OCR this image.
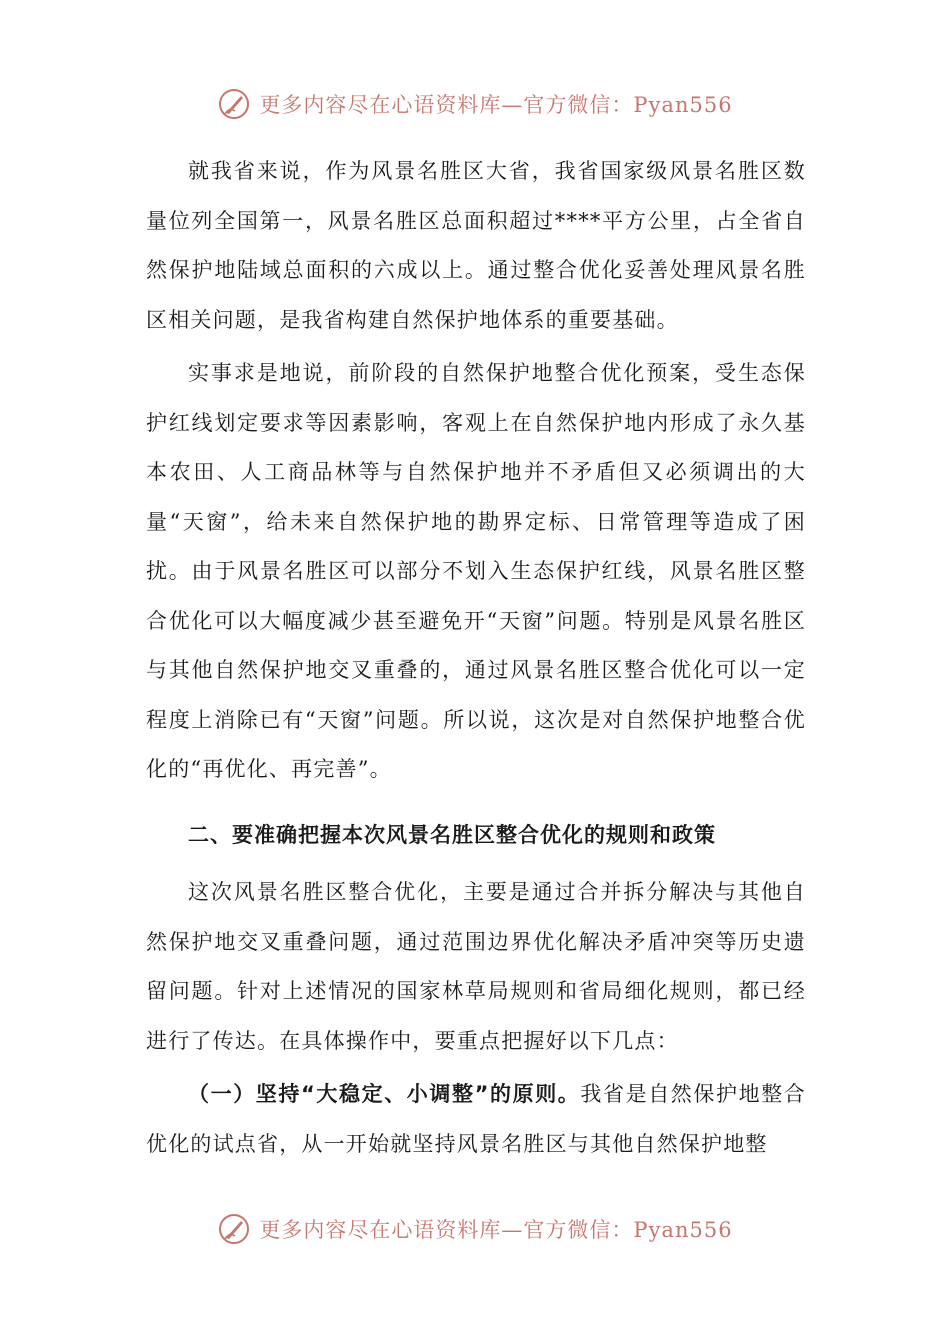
更多内容尽在心语资料库—官方微信：Pyan556

就我省来说，作为风景名胜区大省，我省国家级风景名胜区数量位列全国第一，风景名胜区总面积超过****平方公里，占全省自然保护地陆域总面积的六成以上。通过整合优化妥善处理风景名胜区相关问题，是我省构建自然保护地体系的重要基础。

实事求是地说，前阶段的自然保护地整合优化预案，受生态保护红线划定要求等因素影响，客观上在自然保护地内形成了永久基本农田、人工商品林等与自然保护地并不矛盾但又必须调出的大量“天窗”，给未来自然保护地的勘界定标、日常管理等造成了困扰。由于风景名胜区可以部分不划入生态保护红线，风景名胜区整合优化可以大幅度减少甚至避免开“天窗”问题。特别是风景名胜区与其他自然保护地交叉重叠的，通过风景名胜区整合优化可以一定程度上消除已有“天窗”问题。所以说，这次是对自然保护地整合优化的“再优化、再完善”。

二、要准确把握本次风景名胜区整合优化的规则和政策

这次风景名胜区整合优化，主要是通过合并拆分解决与其他自然保护地交叉重叠问题，通过范围边界优化解决矛盾冲突等历史遗留问题。针对上述情况的国家林草局规则和省局细化规则，都已经进行了传达。在具体操作中，要重点把握好以下几点：

（一）坚持“大稳定、小调整”的原则。我省是自然保护地整合优化的试点省，从一开始就坚持风景名胜区与其他自然保护地整

更多内容尽在心语资料库—官方微信：Pyan556
